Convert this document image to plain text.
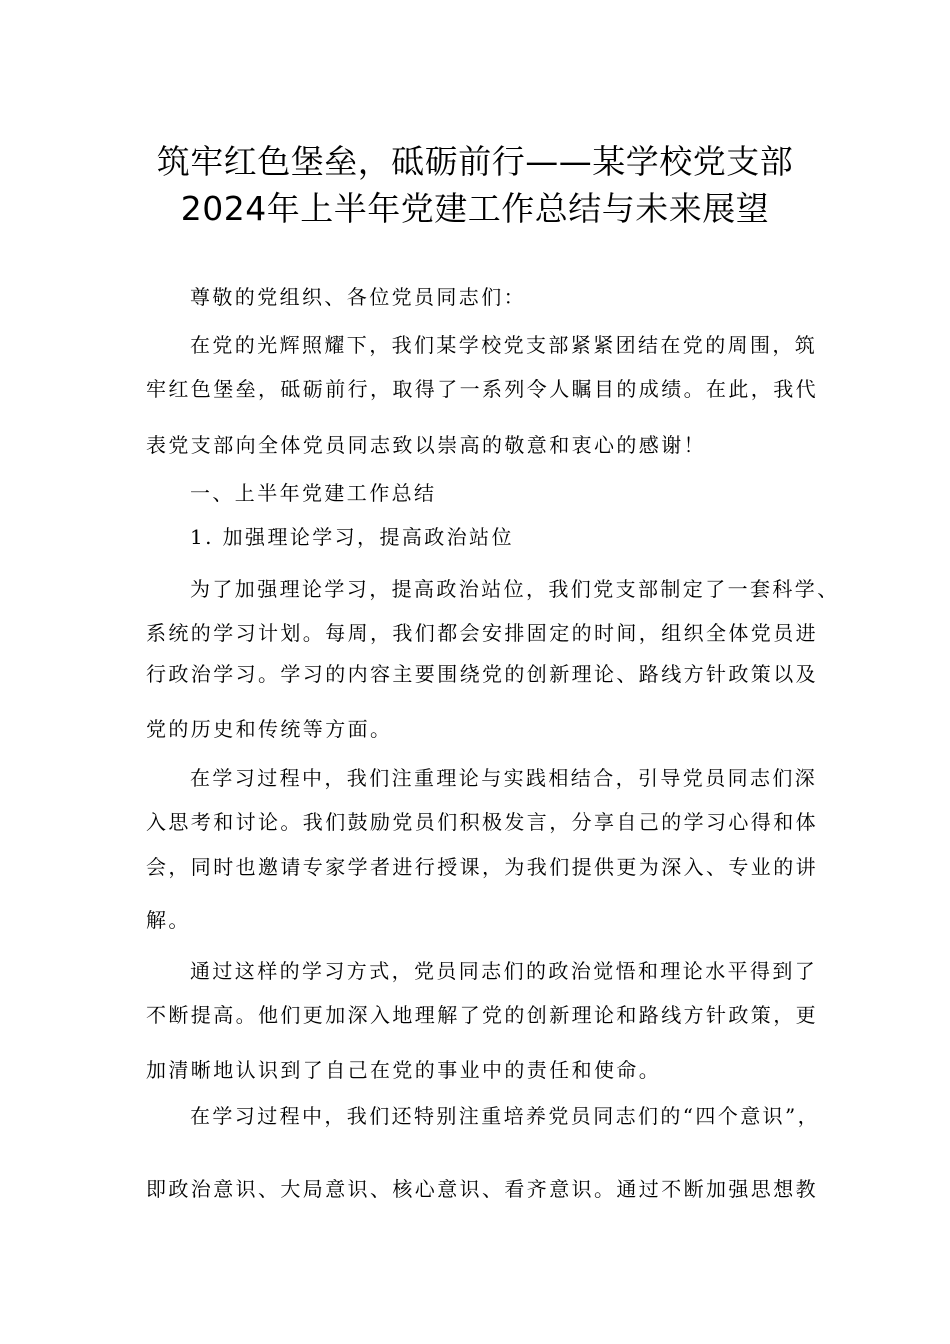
筑牢红色堡垒，砥砺前行——某学校党支部
2024年上半年党建工作总结与未来展望
尊敬的党组织、各位党员同志们：
在党的光辉照耀下，我们某学校党支部紧紧团结在党的周围，筑
牢红色堡垒，砥砺前行，取得了一系列令人瞩目的成绩。在此，我代
表党支部向全体党员同志致以崇高的敬意和衷心的感谢！
一、上半年党建工作总结
1. 加强理论学习，提高政治站位
为了加强理论学习，提高政治站位，我们党支部制定了一套科学、
系统的学习计划。每周，我们都会安排固定的时间，组织全体党员进
行政治学习。学习的内容主要围绕党的创新理论、路线方针政策以及
党的历史和传统等方面。
在学习过程中，我们注重理论与实践相结合，引导党员同志们深
入思考和讨论。我们鼓励党员们积极发言，分享自己的学习心得和体
会，同时也邀请专家学者进行授课，为我们提供更为深入、专业的讲
解。
通过这样的学习方式，党员同志们的政治觉悟和理论水平得到了
不断提高。他们更加深入地理解了党的创新理论和路线方针政策，更
加清晰地认识到了自己在党的事业中的责任和使命。
在学习过程中，我们还特别注重培养党员同志们的“四个意识”，
即政治意识、大局意识、核心意识、看齐意识。通过不断加强思想教
